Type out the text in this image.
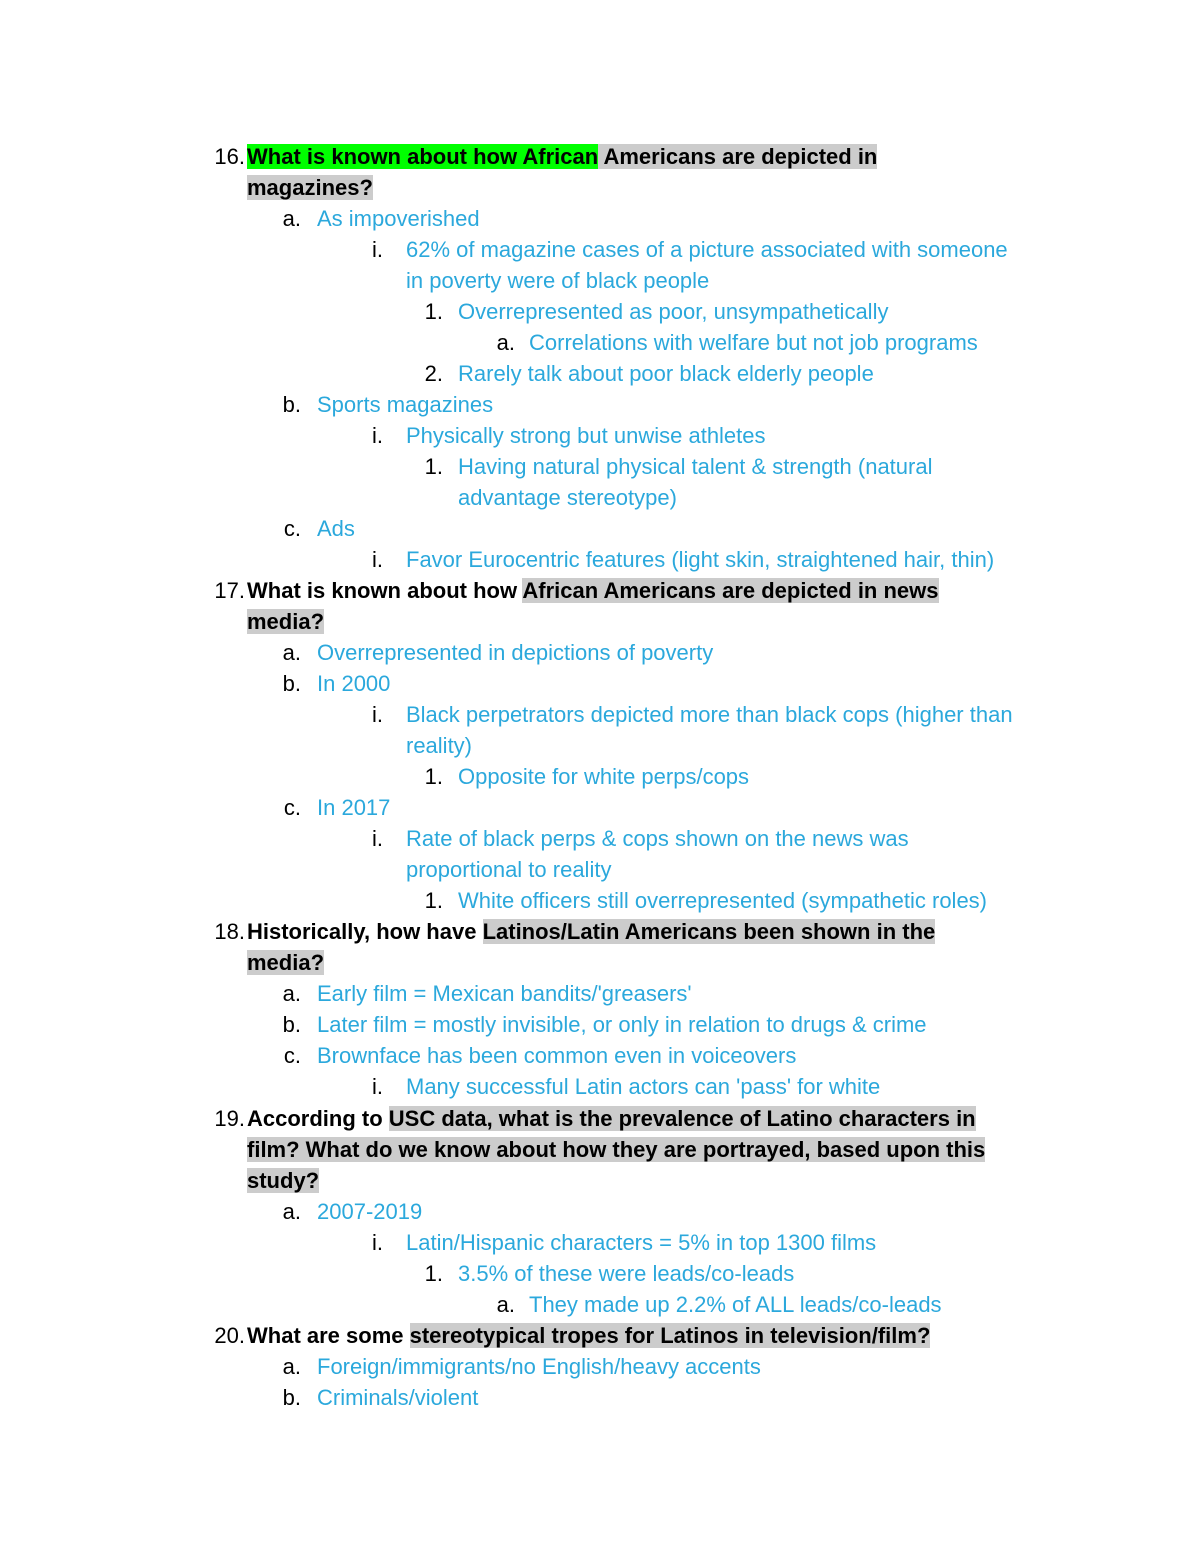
16. What is known about how African Americans are depicted in
magazines?
a. As impoverished
i. 62% of magazine cases of a picture associated with someone
in poverty were of black people
1. Overrepresented as poor, unsympathetically
a. Correlations with welfare but not job programs
2. Rarely talk about poor black elderly people
b. Sports magazines
i. Physically strong but unwise athletes
1. Having natural physical talent & strength (natural
advantage stereotype)
c. Ads
i. Favor Eurocentric features (light skin, straightened hair, thin)
17. What is known about how African Americans are depicted in news
media?
a. Overrepresented in depictions of poverty
b. In 2000
i. Black perpetrators depicted more than black cops (higher than
reality)
1. Opposite for white perps/cops
c. In 2017
i. Rate of black perps & cops shown on the news was
proportional to reality
1. White officers still overrepresented (sympathetic roles)
18. Historically, how have Latinos/Latin Americans been shown in the
media?
a. Early film = Mexican bandits/'greasers'
b. Later film = mostly invisible, or only in relation to drugs & crime
c. Brownface has been common even in voiceovers
i. Many successful Latin actors can 'pass' for white
19. According to USC data, what is the prevalence of Latino characters in
film? What do we know about how they are portrayed, based upon this
study?
a. 2007-2019
i. Latin/Hispanic characters = 5% in top 1300 films
1. 3.5% of these were leads/co-leads
a. They made up 2.2% of ALL leads/co-leads
20. What are some stereotypical tropes for Latinos in television/film?
a. Foreign/immigrants/no English/heavy accents
b. Criminals/violent
